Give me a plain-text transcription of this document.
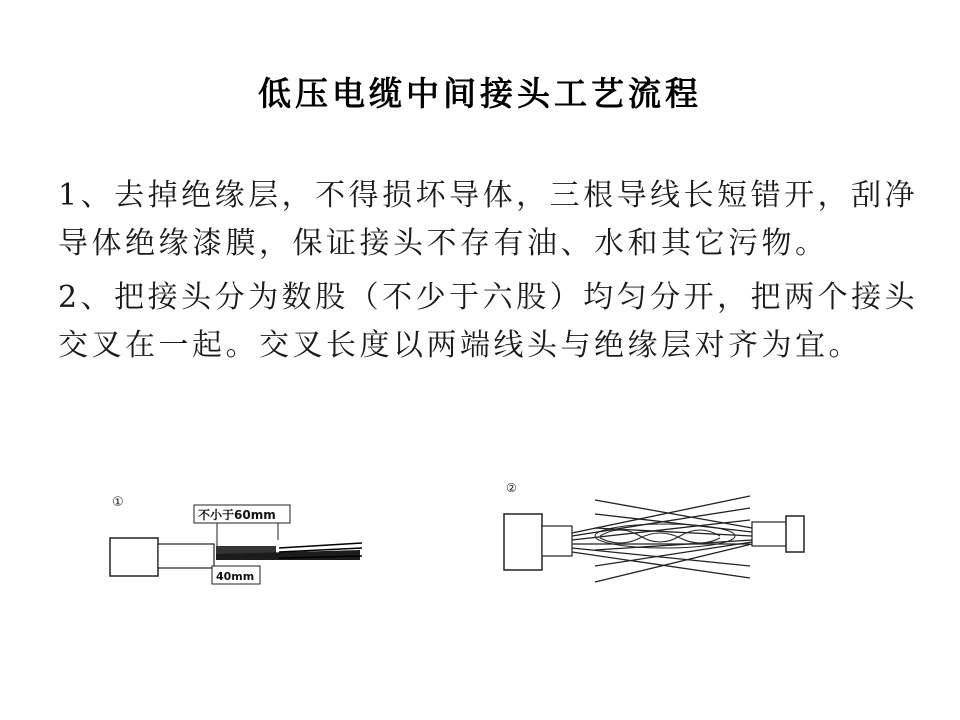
低压电缆中间接头工艺流程

1、去掉绝缘层，不得损坏导体，三根导线长短错开，刮净导体绝缘漆膜，保证接头不存有油、水和其它污物。

2、把接头分为数股（不少于六股）均匀分开，把两个接头交叉在一起。交叉长度以两端线头与绝缘层对齐为宜。

①
不小于60mm
40mm
②
